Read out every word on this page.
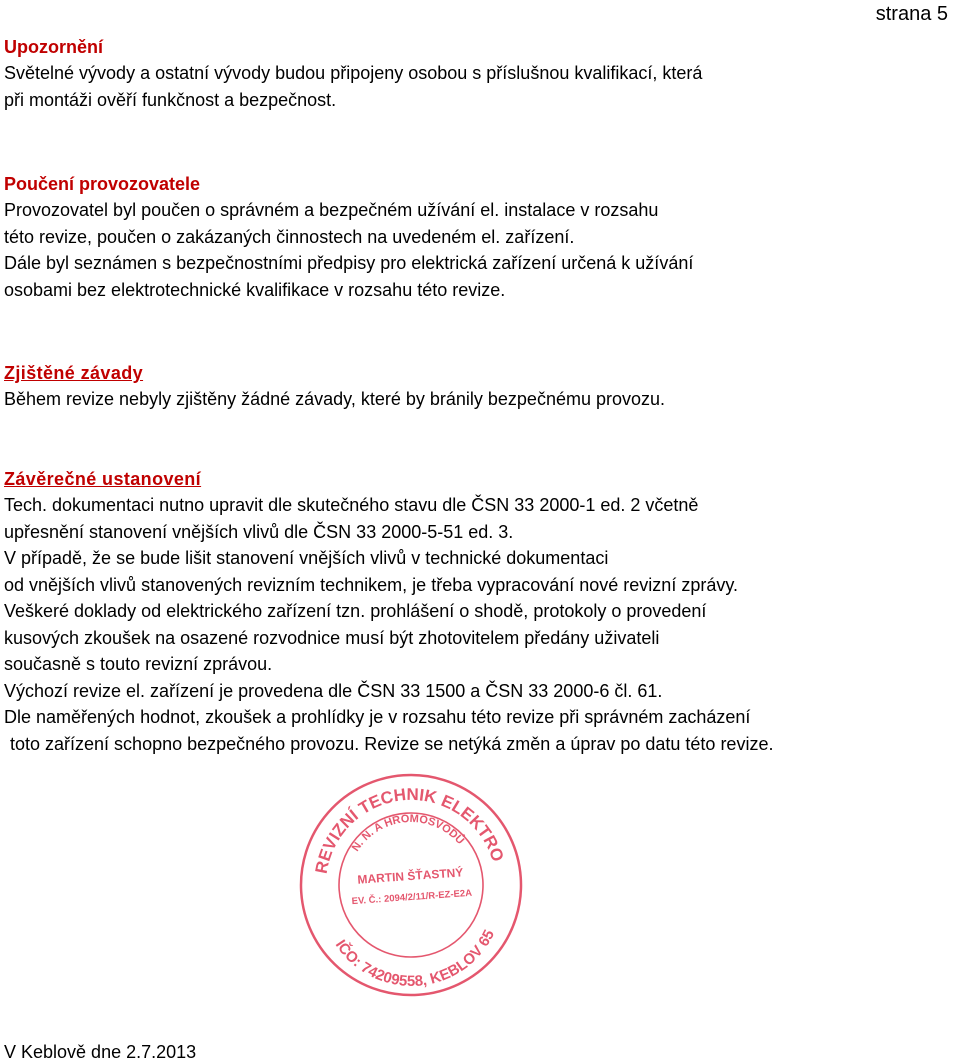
strana 5
Upozornění
Světelné vývody a ostatní vývody budou připojeny osobou s příslušnou kvalifikací, která
při montáži ověří funkčnost a bezpečnost.
Poučení provozovatele
Provozovatel byl poučen o správném a bezpečném užívání el. instalace v rozsahu
této revize, poučen o zakázaných činnostech na uvedeném el. zařízení.
Dále byl seznámen s bezpečnostními předpisy pro elektrická zařízení určená k užívání
osobami bez elektrotechnické kvalifikace v rozsahu této revize.
Zjištěné závady
Během revize nebyly zjištěny žádné závady, které by bránily bezpečnému provozu.
Závěrečné ustanovení
Tech. dokumentaci nutno upravit dle skutečného stavu dle ČSN 33 2000-1 ed. 2 včetně
upřesnění stanovení vnějších vlivů dle ČSN 33 2000-5-51 ed. 3.
V případě, že se bude lišit stanovení vnějších vlivů v technické dokumentaci
od vnějších vlivů stanovených revizním technikem, je třeba vypracování nové revizní zprávy.
Veškeré doklady od elektrického zařízení tzn. prohlášení o shodě, protokoly o provedení
kusových zkoušek na osazené rozvodnice musí být zhotovitelem předány uživateli
současně s touto revizní zprávou.
Výchozí revize el. zařízení je provedena dle ČSN 33 1500 a ČSN 33 2000-6 čl. 61.
Dle naměřených hodnot, zkoušek a prohlídky je v rozsahu této revize při správném zacházení
toto zařízení schopno bezpečného provozu. Revize se netýká změn a úprav po datu této revize.
REVIZNÍ TECHNIK ELEKTRO
N. N. A HROMOSVODŮ
MARTIN ŠŤASTNÝ
EV. Č.: 2094/2/11/R-EZ-E2A
IČO: 74209558, KEBLOV 65
V Keblově dne 2.7.2013
